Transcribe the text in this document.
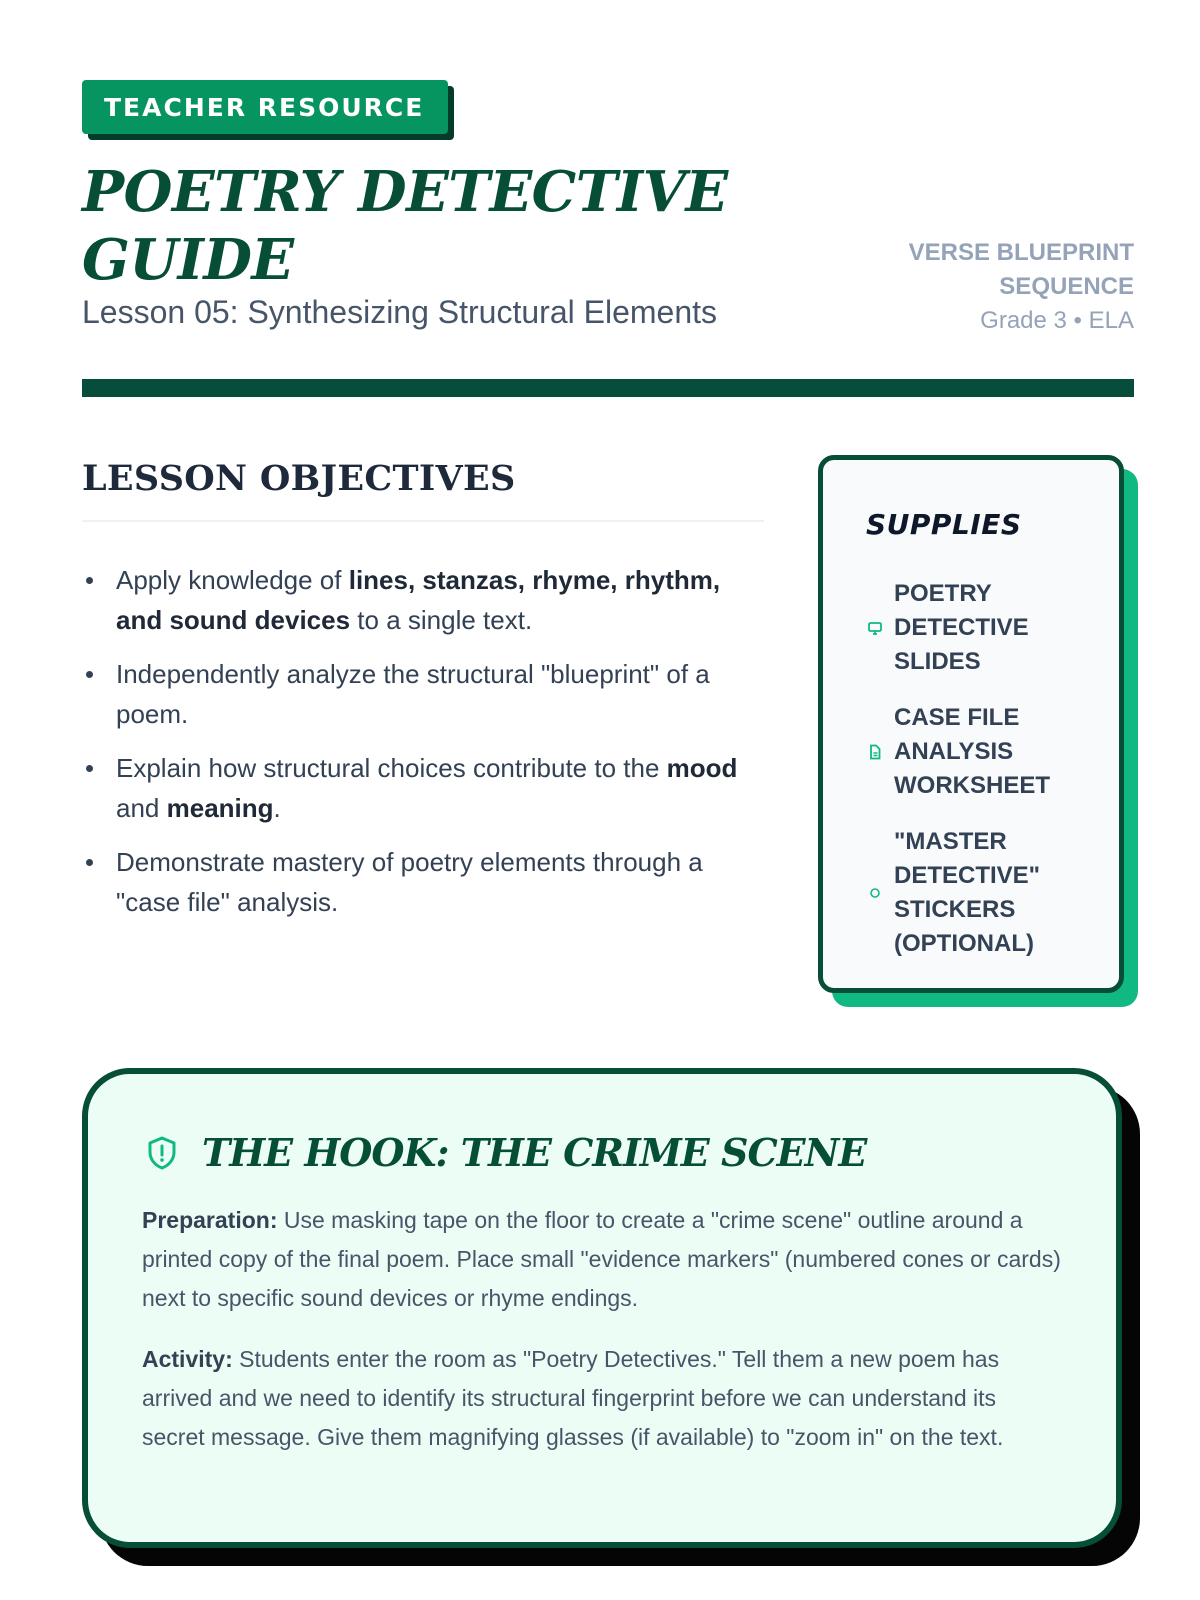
TEACHER RESOURCE
POETRY DETECTIVE GUIDE

Lesson 05: Synthesizing Structural Elements

VERSE BLUEPRINT SEQUENCE
Grade 3 • ELA
LESSON OBJECTIVES
Apply knowledge of lines, stanzas, rhyme, rhythm, and sound devices to a single text.
Independently analyze the structural "blueprint" of a poem.
Explain how structural choices contribute to the mood and meaning.
Demonstrate mastery of poetry elements through a "case file" analysis.
SUPPLIES
POETRY DETECTIVE SLIDES
CASE FILE ANALYSIS WORKSHEET
"MASTER DETECTIVE" STICKERS (OPTIONAL)
THE HOOK: THE CRIME SCENE

Preparation: Use masking tape on the floor to create a "crime scene" outline around a printed copy of the final poem. Place small "evidence markers" (numbered cones or cards) next to specific sound devices or rhyme endings.

Activity: Students enter the room as "Poetry Detectives." Tell them a new poem has arrived and we need to identify its structural fingerprint before we can understand its secret message. Give them magnifying glasses (if available) to "zoom in" on the text.
